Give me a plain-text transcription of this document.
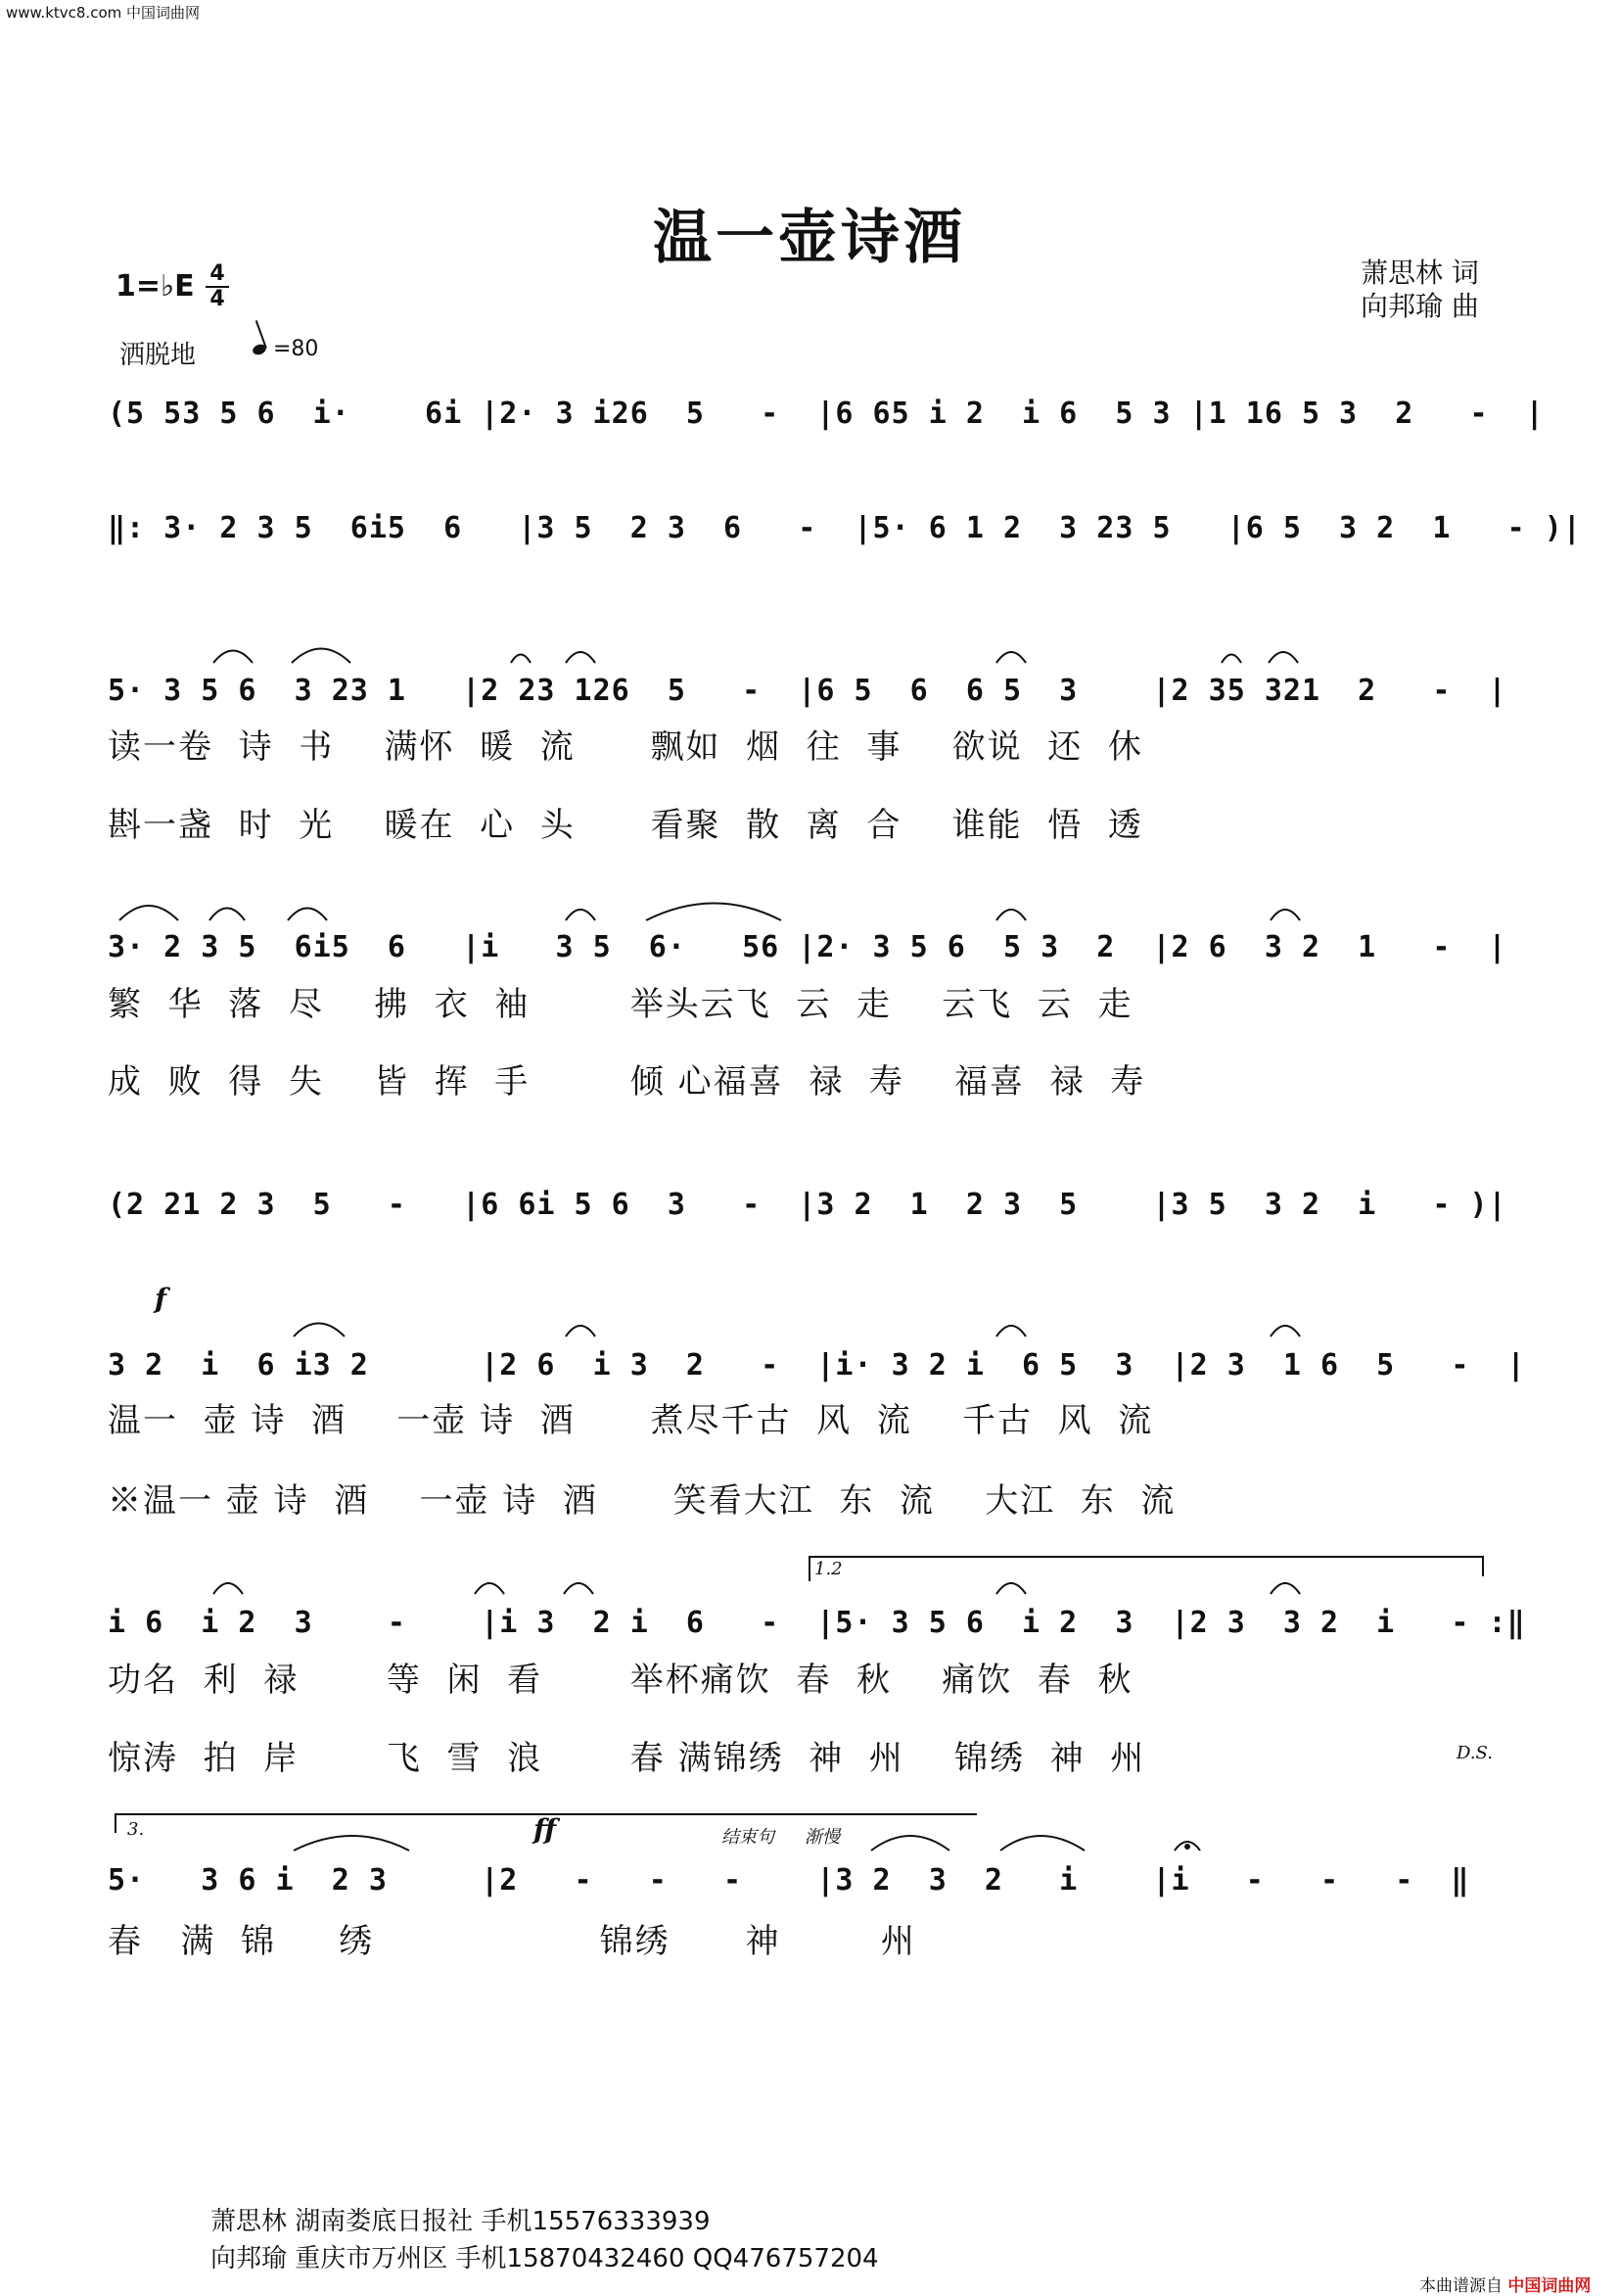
www.ktvc8.com 中国词曲网
温一壶诗酒
萧思林 词
向邦瑜 曲
1=♭E 4
4
洒脱地	=80
(5 53 5 6  i·    6i |2· 3 i26  5   -  |6 65 i 2  i 6  5 3 |1 16 5 3  2   -  |
‖: 3· 2 3 5  6i5  6   |3 5  2 3  6   -  |5· 6 1 2  3 23 5   |6 5  3 2  1   - )|
5· 3 5 6  3 23 1   |2 23 126  5   -  |6 5  6  6 5  3    |2 35 321  2   -  |
读一卷  诗  书    满怀  暖  流      飘如  烟  往  事    欲说  还  休
斟一盏  时  光    暖在  心  头      看聚  散  离  合    谁能  悟  透
3· 2 3 5  6i5  6   |i   3 5  6·   56 |2· 3 5 6  5 3  2  |2 6  3 2  1   -  |
繁  华  落  尽    拂  衣  袖        举头云飞  云  走    云飞  云  走
成  败  得  失    皆  挥  手        倾 心福喜  禄  寿    福喜  禄  寿
(2 21 2 3  5   -   |6 6i 5 6  3   -  |3 2  1  2 3  5    |3 5  3 2  i   - )|
f
3 2  i  6 i3 2      |2 6  i 3  2   -  |i· 3 2 i  6 5  3  |2 3  1 6  5   -  |
温一  壶 诗  酒    一壶 诗  酒      煮尽千古  风  流    千古  风  流
※温一 壶 诗  酒    一壶 诗  酒      笑看大江  东  流    大江  东  流
1.2
i 6  i 2  3    -    |i 3  2 i  6   -  |5· 3 5 6  i 2  3  |2 3  3 2  i   - :‖
功名  利  禄       等  闲  看       举杯痛饮  春  秋    痛饮  春  秋
惊涛  拍  岸       飞  雪  浪       春 满锦绣  神  州    锦绣  神  州	D.S.
3.	ff	结束句 渐慢
5·   3 6 i  2 3     |2   -   -   -    |3 2  3  2   i    |i   -   -   -  ‖
春   满  锦     绣                  锦绣      神        州
萧思林 湖南娄底日报社 手机15576333939
向邦瑜 重庆市万州区 手机15870432460 QQ476757204
本曲谱源自 中国词曲网
